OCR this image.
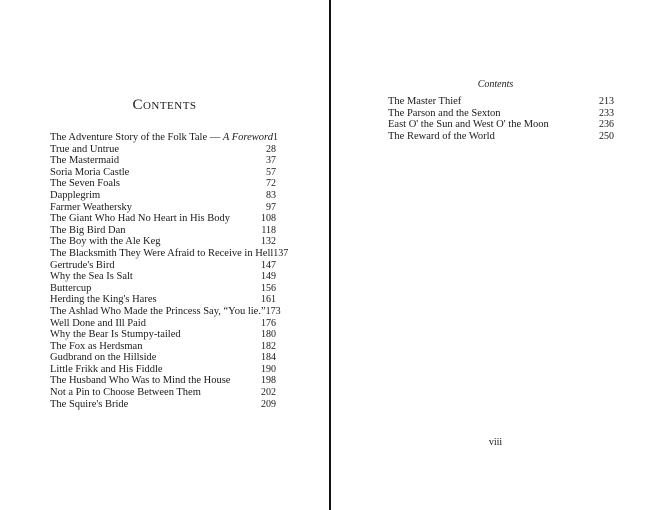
Contents
The Adventure Story of the Folk Tale — A Foreword 1
True and Untrue	28
The Mastermaid	37
Soria Moria Castle	57
The Seven Foals	72
Dapplegrim	83
Farmer Weathersky	97
The Giant Who Had No Heart in His Body	108
The Big Bird Dan	118
The Boy with the Ale Keg	132
The Blacksmith They Were Afraid to Receive in Hell 137
Gertrude's Bird	147
Why the Sea Is Salt	149
Buttercup	156
Herding the King's Hares	161
The Ashlad Who Made the Princess Say, “You lie.” 173
Well Done and Ill Paid	176
Why the Bear Is Stumpy-tailed	180
The Fox as Herdsman	182
Gudbrand on the Hillside	184
Little Frikk and His Fiddle	190
The Husband Who Was to Mind the House	198
Not a Pin to Choose Between Them	202
The Squire's Bride	209
Contents
The Master Thief	213
The Parson and the Sexton	233
East O' the Sun and West O' the Moon	236
The Reward of the World	250
viii
